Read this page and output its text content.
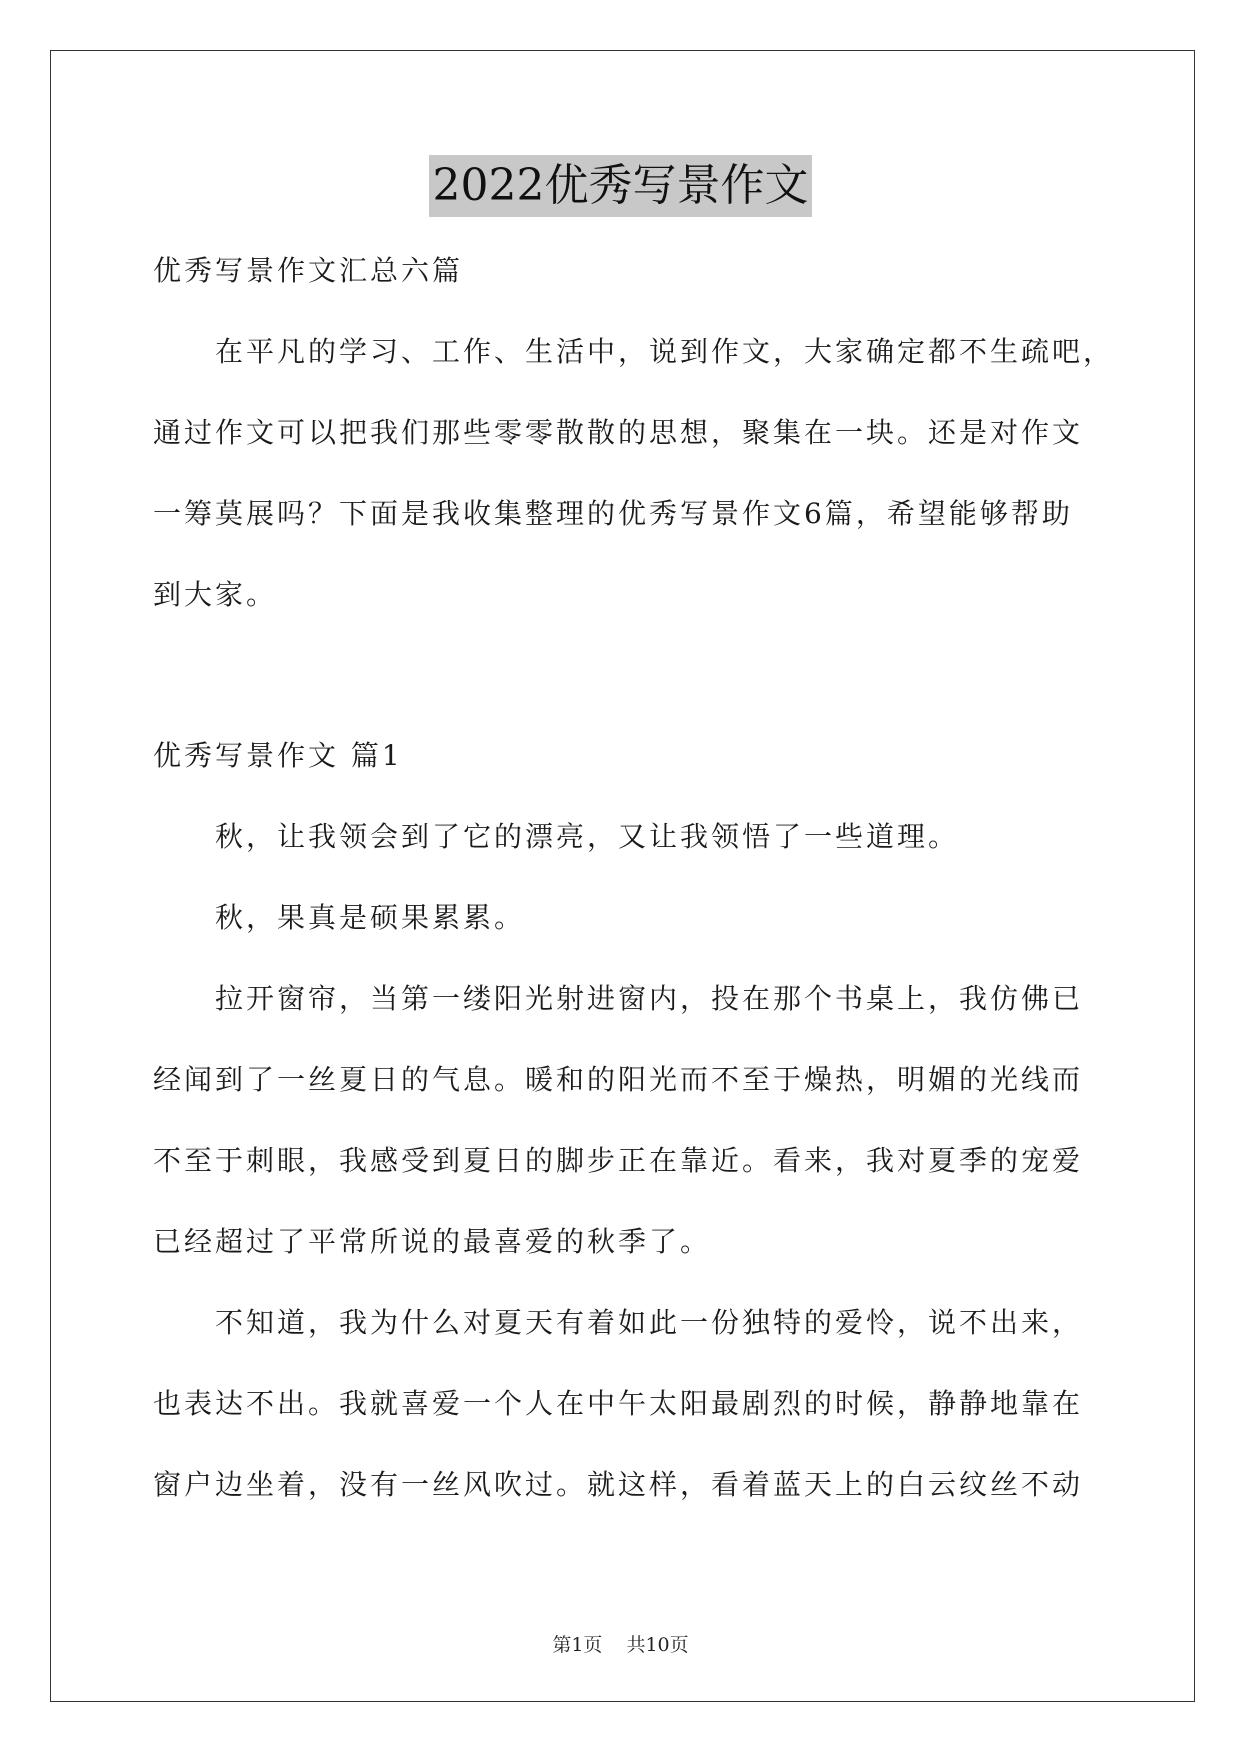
2022优秀写景作文
优秀写景作文汇总六篇
在平凡的学习、工作、生活中，说到作文，大家确定都不生疏吧，
通过作文可以把我们那些零零散散的思想，聚集在一块。还是对作文
一筹莫展吗？下面是我收集整理的优秀写景作文6篇，希望能够帮助
到大家。
优秀写景作文 篇1
秋，让我领会到了它的漂亮，又让我领悟了一些道理。
秋，果真是硕果累累。
拉开窗帘，当第一缕阳光射进窗内，投在那个书桌上，我仿佛已
经闻到了一丝夏日的气息。暖和的阳光而不至于燥热，明媚的光线而
不至于刺眼，我感受到夏日的脚步正在靠近。看来，我对夏季的宠爱
已经超过了平常所说的最喜爱的秋季了。
不知道，我为什么对夏天有着如此一份独特的爱怜，说不出来，
也表达不出。我就喜爱一个人在中午太阳最剧烈的时候，静静地靠在
窗户边坐着，没有一丝风吹过。就这样，看着蓝天上的白云纹丝不动
第1页 共10页
